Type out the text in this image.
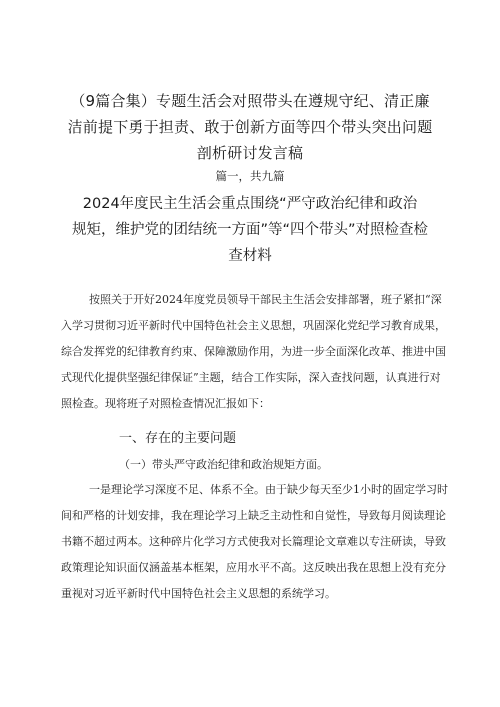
（9篇合集）专题生活会对照带头在遵规守纪、清正廉
洁前提下勇于担责、敢于创新方面等四个带头突出问题
剖析研讨发言稿
篇一，共九篇
2024年度民主生活会重点围绕“严守政治纪律和政治
规矩，维护党的团结统一方面”等“四个带头”对照检查检
查材料

按照关于开好2024年度党员领导干部民主生活会安排部署，班子紧扣“深

入学习贯彻习近平新时代中国特色社会主义思想，巩固深化党纪学习教育成果，

综合发挥党的纪律教育约束、保障激励作用，为进一步全面深化改革、推进中国

式现代化提供坚强纪律保证”主题，结合工作实际，深入查找问题，认真进行对

照检查。现将班子对照检查情况汇报如下：

一、存在的主要问题
（一）带头严守政治纪律和政治规矩方面。

一是理论学习深度不足、体系不全。由于缺少每天至少1小时的固定学习时

间和严格的计划安排，我在理论学习上缺乏主动性和自觉性，导致每月阅读理论

书籍不超过两本。这种碎片化学习方式使我对长篇理论文章难以专注研读，导致

政策理论知识面仅涵盖基本框架，应用水平不高。这反映出我在思想上没有充分

重视对习近平新时代中国特色社会主义思想的系统学习。
